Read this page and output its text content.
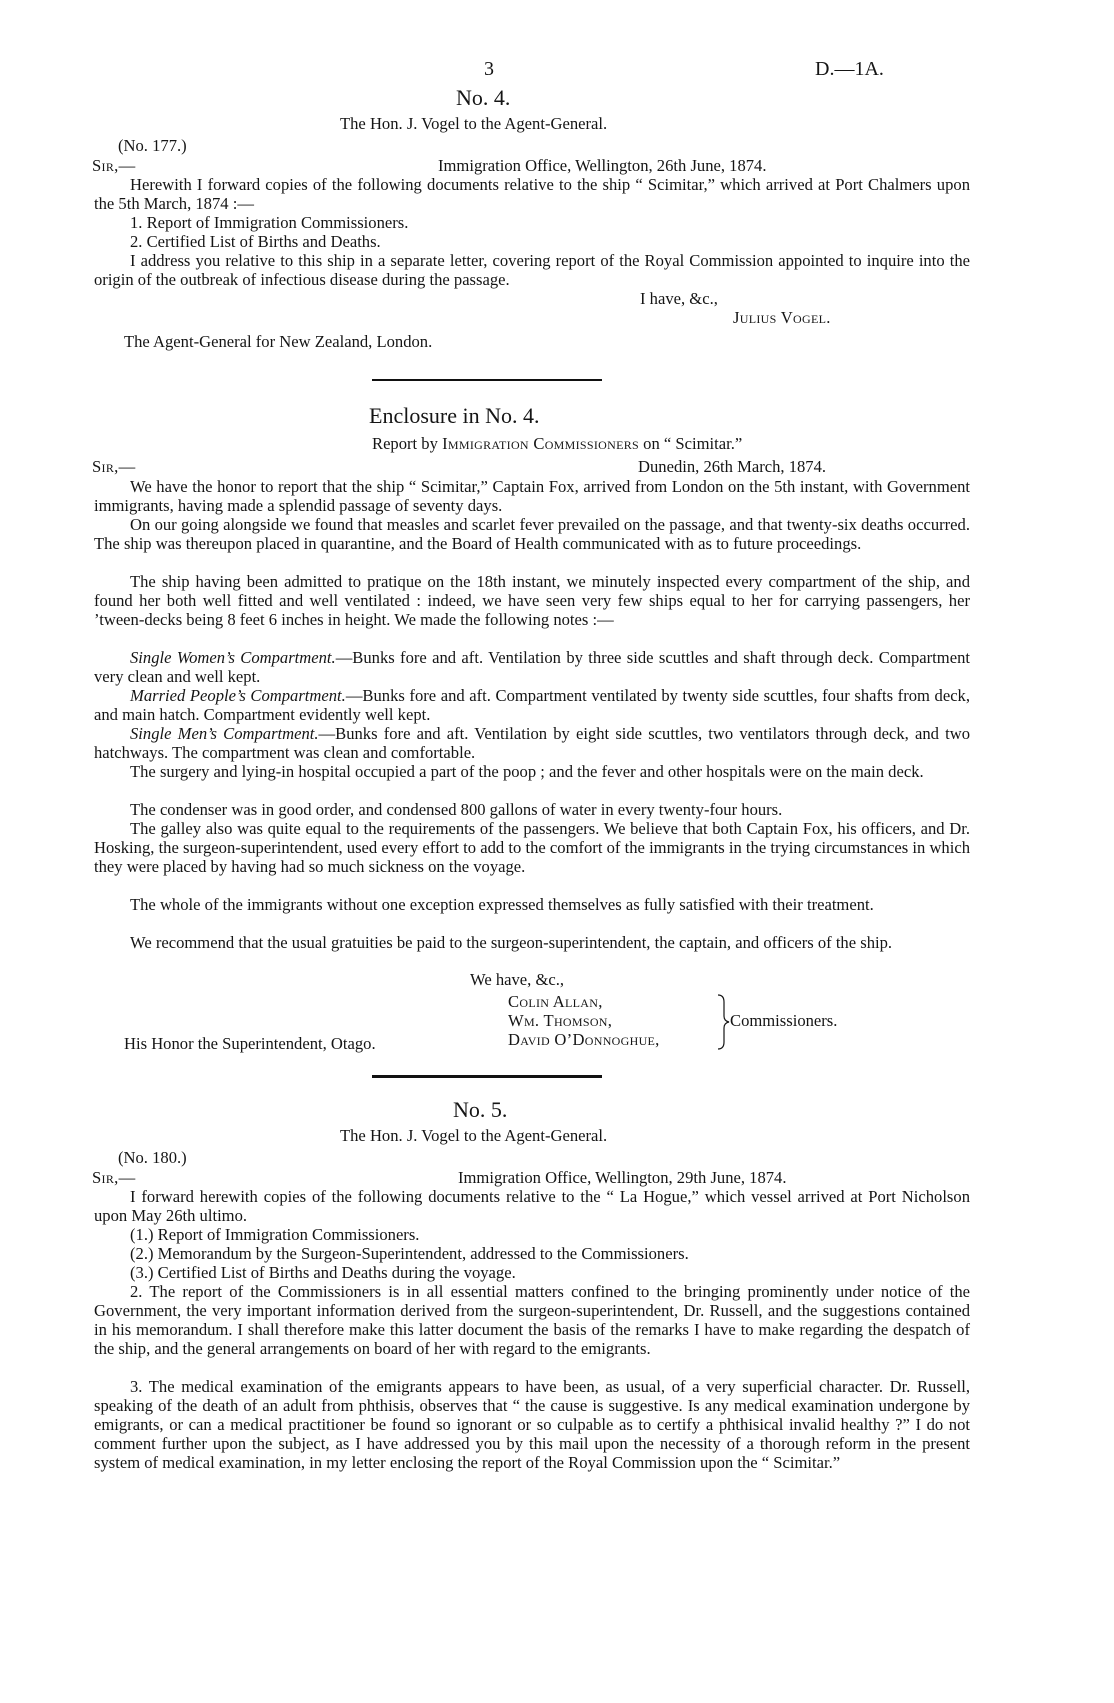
3	D.—1A.
No. 4.
The Hon. J. Vogel to the Agent-General.
(No. 177.)
Sir,—	Immigration Office, Wellington, 26th June, 1874.
Herewith I forward copies of the following documents relative to the ship “ Scimitar,” which arrived at Port Chalmers upon the 5th March, 1874 :—
1. Report of Immigration Commissioners.
2. Certified List of Births and Deaths.
I address you relative to this ship in a separate letter, covering report of the Royal Commission appointed to inquire into the origin of the outbreak of infectious disease during the passage.
I have, &c.,
Julius Vogel.
The Agent-General for New Zealand, London.
Enclosure in No. 4.
Report by Immigration Commissioners on “ Scimitar.”
Sir,—	Dunedin, 26th March, 1874.
We have the honor to report that the ship “ Scimitar,” Captain Fox, arrived from London on the 5th instant, with Government immigrants, having made a splendid passage of seventy days.
On our going alongside we found that measles and scarlet fever prevailed on the passage, and that twenty-six deaths occurred. The ship was thereupon placed in quarantine, and the Board of Health communicated with as to future proceedings.
The ship having been admitted to pratique on the 18th instant, we minutely inspected every compartment of the ship, and found her both well fitted and well ventilated : indeed, we have seen very few ships equal to her for carrying passengers, her ’tween-decks being 8 feet 6 inches in height. We made the following notes :—
Single Women’s Compartment.—Bunks fore and aft. Ventilation by three side scuttles and shaft through deck. Compartment very clean and well kept.
Married People’s Compartment.—Bunks fore and aft. Compartment ventilated by twenty side scuttles, four shafts from deck, and main hatch. Compartment evidently well kept.
Single Men’s Compartment.—Bunks fore and aft. Ventilation by eight side scuttles, two ventilators through deck, and two hatchways. The compartment was clean and comfortable.
The surgery and lying-in hospital occupied a part of the poop ; and the fever and other hospitals were on the main deck.
The condenser was in good order, and condensed 800 gallons of water in every twenty-four hours.
The galley also was quite equal to the requirements of the passengers. We believe that both Captain Fox, his officers, and Dr. Hosking, the surgeon-superintendent, used every effort to add to the comfort of the immigrants in the trying circumstances in which they were placed by having had so much sickness on the voyage.
The whole of the immigrants without one exception expressed themselves as fully satisfied with their treatment.
We recommend that the usual gratuities be paid to the surgeon-superintendent, the captain, and officers of the ship.
We have, &c.,
Colin Allan,
Wm. Thomson,
David O’Donnoghue,
Commissioners.
His Honor the Superintendent, Otago.
No. 5.
The Hon. J. Vogel to the Agent-General.
(No. 180.)
Sir,—	Immigration Office, Wellington, 29th June, 1874.
I forward herewith copies of the following documents relative to the “ La Hogue,” which vessel arrived at Port Nicholson upon May 26th ultimo.
(1.) Report of Immigration Commissioners.
(2.) Memorandum by the Surgeon-Superintendent, addressed to the Commissioners.
(3.) Certified List of Births and Deaths during the voyage.
2. The report of the Commissioners is in all essential matters confined to the bringing prominently under notice of the Government, the very important information derived from the surgeon-superintendent, Dr. Russell, and the suggestions contained in his memorandum. I shall therefore make this latter document the basis of the remarks I have to make regarding the despatch of the ship, and the general arrangements on board of her with regard to the emigrants.
3. The medical examination of the emigrants appears to have been, as usual, of a very superficial character. Dr. Russell, speaking of the death of an adult from phthisis, observes that “ the cause is suggestive. Is any medical examination undergone by emigrants, or can a medical practitioner be found so ignorant or so culpable as to certify a phthisical invalid healthy ?” I do not comment further upon the subject, as I have addressed you by this mail upon the necessity of a thorough reform in the present system of medical examination, in my letter enclosing the report of the Royal Commission upon the “ Scimitar.”
